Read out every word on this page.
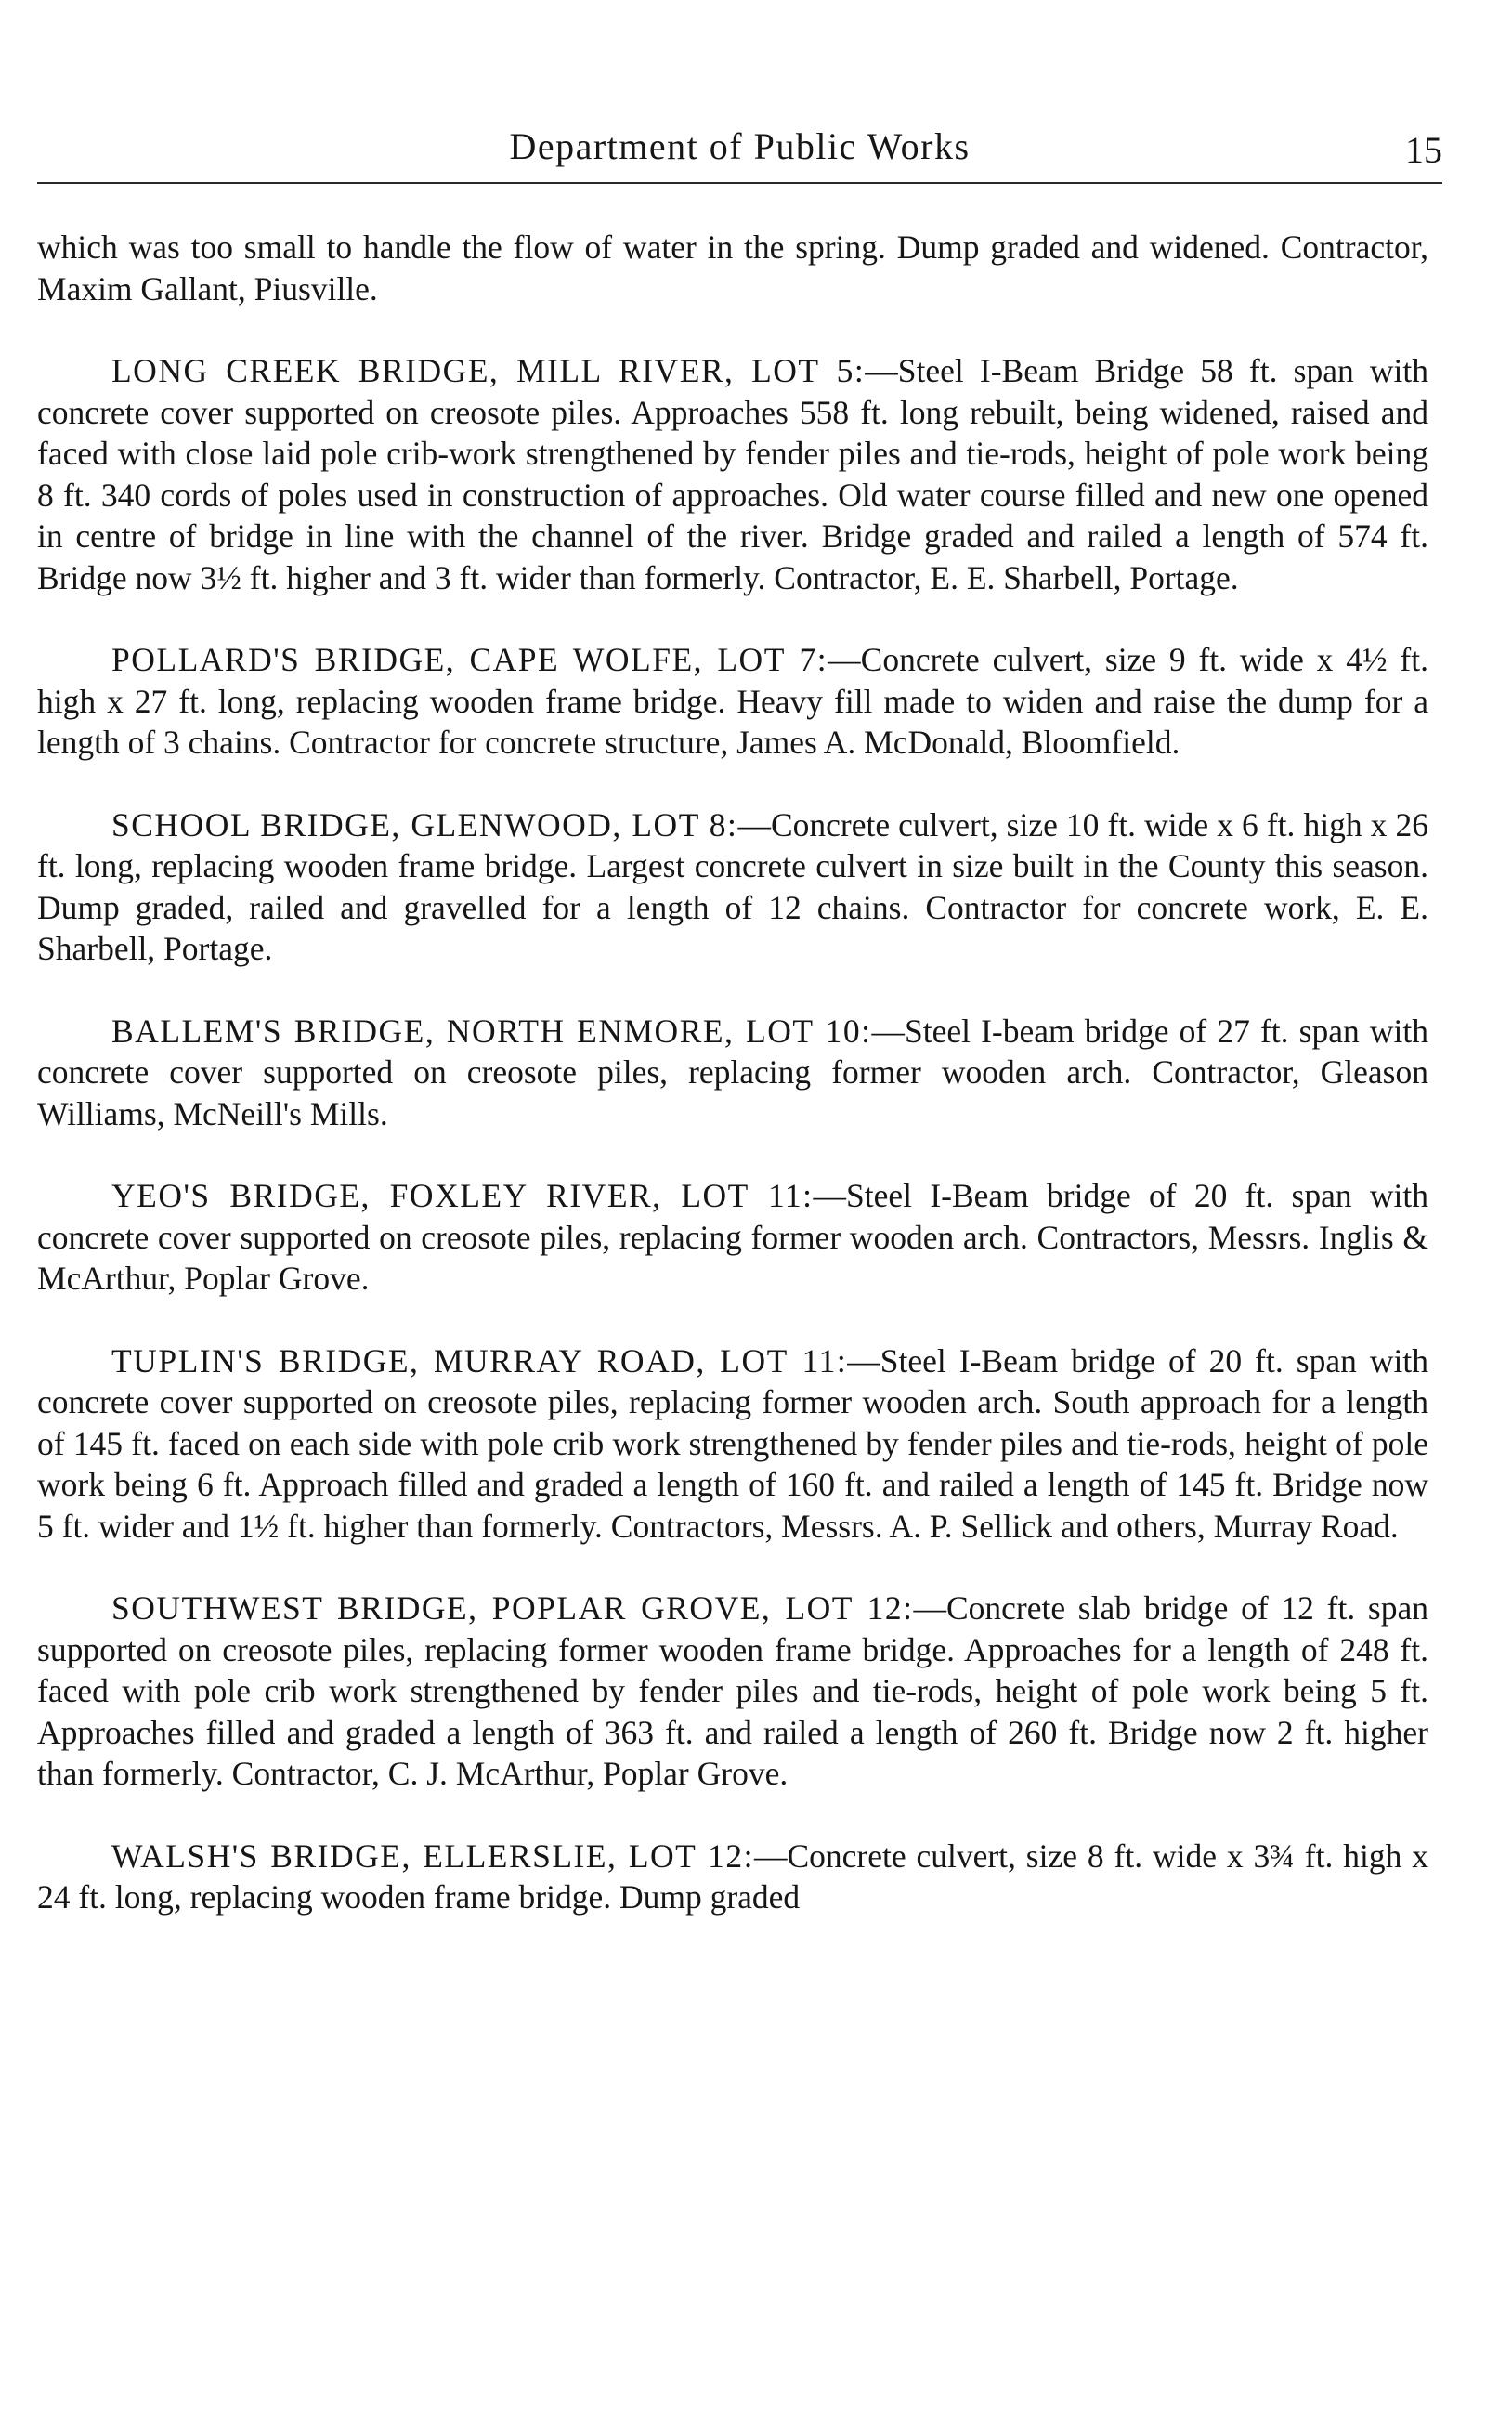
Department of Public Works	15

which was too small to handle the flow of water in the spring. Dump graded and widened. Contractor, Maxim Gallant, Piusville.

LONG CREEK BRIDGE, MILL RIVER, LOT 5:—Steel I-Beam Bridge 58 ft. span with concrete cover supported on creosote piles. Approaches 558 ft. long rebuilt, being widened, raised and faced with close laid pole crib-work strengthened by fender piles and tie-rods, height of pole work being 8 ft. 340 cords of poles used in construction of approaches. Old water course filled and new one opened in centre of bridge in line with the channel of the river. Bridge graded and railed a length of 574 ft. Bridge now 3½ ft. higher and 3 ft. wider than formerly. Contractor, E. E. Sharbell, Portage.

POLLARD'S BRIDGE, CAPE WOLFE, LOT 7:—Concrete culvert, size 9 ft. wide x 4½ ft. high x 27 ft. long, replacing wooden frame bridge. Heavy fill made to widen and raise the dump for a length of 3 chains. Contractor for concrete structure, James A. McDonald, Bloomfield.

SCHOOL BRIDGE, GLENWOOD, LOT 8:—Concrete culvert, size 10 ft. wide x 6 ft. high x 26 ft. long, replacing wooden frame bridge. Largest concrete culvert in size built in the County this season. Dump graded, railed and gravelled for a length of 12 chains. Contractor for concrete work, E. E. Sharbell, Portage.

BALLEM'S BRIDGE, NORTH ENMORE, LOT 10:—Steel I-beam bridge of 27 ft. span with concrete cover supported on creosote piles, replacing former wooden arch. Contractor, Gleason Williams, McNeill's Mills.

YEO'S BRIDGE, FOXLEY RIVER, LOT 11:—Steel I-Beam bridge of 20 ft. span with concrete cover supported on creosote piles, replacing former wooden arch. Contractors, Messrs. Inglis & McArthur, Poplar Grove.

TUPLIN'S BRIDGE, MURRAY ROAD, LOT 11:—Steel I-Beam bridge of 20 ft. span with concrete cover supported on creosote piles, replacing former wooden arch. South approach for a length of 145 ft. faced on each side with pole crib work strengthened by fender piles and tie-rods, height of pole work being 6 ft. Approach filled and graded a length of 160 ft. and railed a length of 145 ft. Bridge now 5 ft. wider and 1½ ft. higher than formerly. Contractors, Messrs. A. P. Sellick and others, Murray Road.

SOUTHWEST BRIDGE, POPLAR GROVE, LOT 12:—Concrete slab bridge of 12 ft. span supported on creosote piles, replacing former wooden frame bridge. Approaches for a length of 248 ft. faced with pole crib work strengthened by fender piles and tie-rods, height of pole work being 5 ft. Approaches filled and graded a length of 363 ft. and railed a length of 260 ft. Bridge now 2 ft. higher than formerly. Contractor, C. J. McArthur, Poplar Grove.

WALSH'S BRIDGE, ELLERSLIE, LOT 12:—Concrete culvert, size 8 ft. wide x 3¾ ft. high x 24 ft. long, replacing wooden frame bridge. Dump graded
